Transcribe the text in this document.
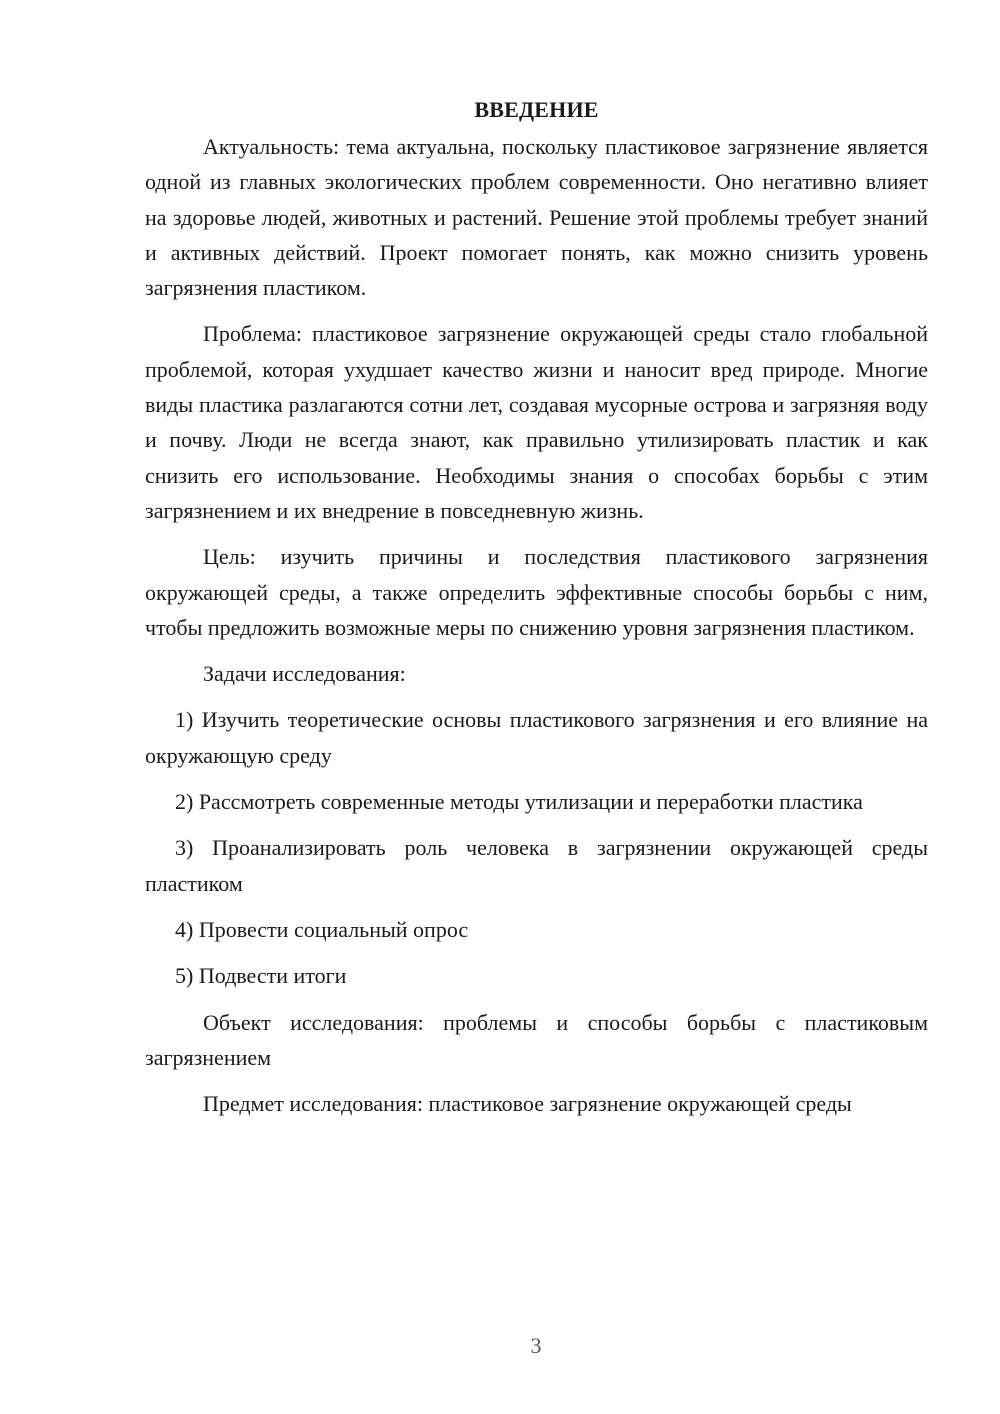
ВВЕДЕНИЕ

Актуальность: тема актуальна, поскольку пластиковое загрязнение является одной из главных экологических проблем современности. Оно негативно влияет на здоровье людей, животных и растений. Решение этой проблемы требует знаний и активных действий. Проект помогает понять, как можно снизить уровень загрязнения пластиком.

Проблема: пластиковое загрязнение окружающей среды стало глобальной проблемой, которая ухудшает качество жизни и наносит вред природе. Многие виды пластика разлагаются сотни лет, создавая мусорные острова и загрязняя воду и почву. Люди не всегда знают, как правильно утилизировать пластик и как снизить его использование. Необходимы знания о способах борьбы с этим загрязнением и их внедрение в повседневную жизнь.

Цель: изучить причины и последствия пластикового загрязнения окружающей среды, а также определить эффективные способы борьбы с ним, чтобы предложить возможные меры по снижению уровня загрязнения пластиком.

Задачи исследования:

1) Изучить теоретические основы пластикового загрязнения и его влияние на окружающую среду

2) Рассмотреть современные методы утилизации и переработки пластика

3) Проанализировать роль человека в загрязнении окружающей среды пластиком

4) Провести социальный опрос

5) Подвести итоги

Объект исследования: проблемы и способы борьбы с пластиковым загрязнением

Предмет исследования: пластиковое загрязнение окружающей среды

3
